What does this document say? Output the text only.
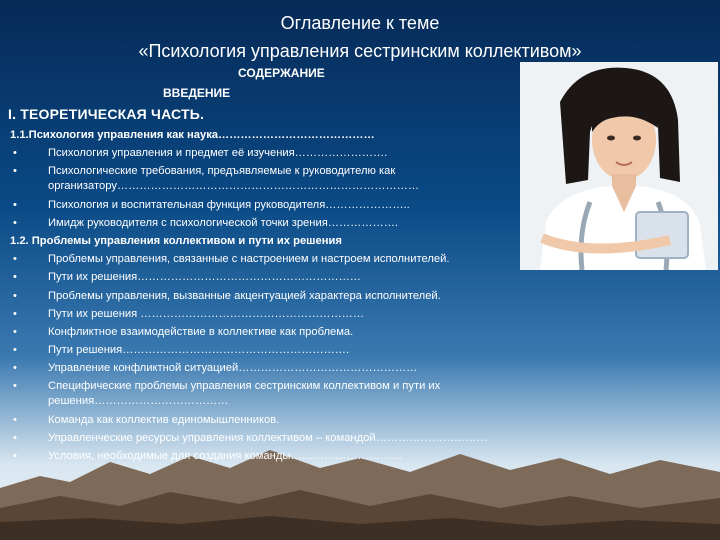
Оглавление к теме
«Психология управления сестринским коллективом»
СОДЕРЖАНИЕ
ВВЕДЕНИЕ
I. ТЕОРЕТИЧЕСКАЯ ЧАСТЬ.
1.1.Психология управления как наука……………………………………
•	Психология управления и предмет её изучения…………………….
•	Психологические требования, предъявляемые к руководителю как организатору………………………………………………………………………
•	Психология и воспитательная функция руководителя…………………..
•	Имидж руководителя с психологической точки зрения……………….
1.2. Проблемы управления коллективом и пути их решения
•	Проблемы управления, связанные с настроением и настроем исполнителей.
•	Пути их решения……………………………………………………
•	Проблемы управления, вызванные акцентуацией характера исполнителей.
•	Пути их решения ……………………………………………………
•	Конфликтное взаимодействие в коллективе как проблема.
•	Пути решения…………………………………………………….
•	Управление конфликтной ситуацией…………………………………………
•	Специфические проблемы управления сестринским коллективом и пути их решения………………………………
•	Команда как коллектив единомышленников.
•	Управленческие ресурсы управления коллективом – командой…………………………
•	Условия, необходимые для создания команды…………………………
